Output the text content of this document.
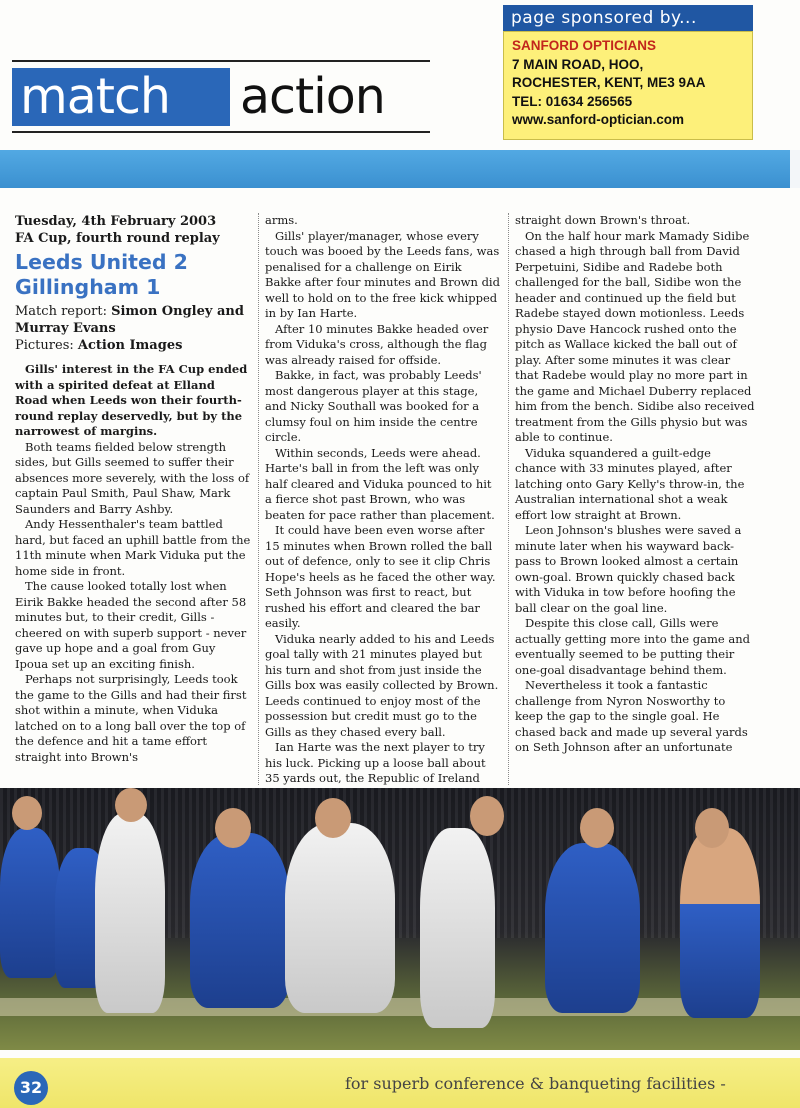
match	action
page sponsored by...
SANFORD OPTICIANS
7 MAIN ROAD, HOO,
ROCHESTER, KENT, ME3 9AA
TEL: 01634 256565
www.sanford-optician.com
Tuesday, 4th February 2003
FA Cup, fourth round replay
Leeds United 2
Gillingham 1
Match report: Simon Ongley and Murray Evans
Pictures: Action Images

Gills' interest in the FA Cup ended with a spirited defeat at Elland Road when Leeds won their fourth-round replay deservedly, but by the narrowest of margins.

Both teams fielded below strength sides, but Gills seemed to suffer their absences more severely, with the loss of captain Paul Smith, Paul Shaw, Mark Saunders and Barry Ashby.

Andy Hessenthaler's team battled hard, but faced an uphill battle from the 11th minute when Mark Viduka put the home side in front.

The cause looked totally lost when Eirik Bakke headed the second after 58 minutes but, to their credit, Gills - cheered on with superb support - never gave up hope and a goal from Guy Ipoua set up an exciting finish.

Perhaps not surprisingly, Leeds took the game to the Gills and had their first shot within a minute, when Viduka latched on to a long ball over the top of the defence and hit a tame effort straight into Brown's

arms.

Gills' player/manager, whose every touch was booed by the Leeds fans, was penalised for a challenge on Eirik Bakke after four minutes and Brown did well to hold on to the free kick whipped in by Ian Harte.

After 10 minutes Bakke headed over from Viduka's cross, although the flag was already raised for offside.

Bakke, in fact, was probably Leeds' most dangerous player at this stage, and Nicky Southall was booked for a clumsy foul on him inside the centre circle.

Within seconds, Leeds were ahead. Harte's ball in from the left was only half cleared and Viduka pounced to hit a fierce shot past Brown, who was beaten for pace rather than placement.

It could have been even worse after 15 minutes when Brown rolled the ball out of defence, only to see it clip Chris Hope's heels as he faced the other way. Seth Johnson was first to react, but rushed his effort and cleared the bar easily.

Viduka nearly added to his and Leeds goal tally with 21 minutes played but his turn and shot from just inside the Gills box was easily collected by Brown. Leeds continued to enjoy most of the possession but credit must go to the Gills as they chased every ball.

Ian Harte was the next player to try his luck. Picking up a loose ball about 35 yards out, the Republic of Ireland

straight down Brown's throat.

On the half hour mark Mamady Sidibe chased a high through ball from David Perpetuini, Sidibe and Radebe both challenged for the ball, Sidibe won the header and continued up the field but Radebe stayed down motionless. Leeds physio Dave Hancock rushed onto the pitch as Wallace kicked the ball out of play. After some minutes it was clear that Radebe would play no more part in the game and Michael Duberry replaced him from the bench. Sidibe also received treatment from the Gills physio but was able to continue.

Viduka squandered a guilt-edge chance with 33 minutes played, after latching onto Gary Kelly's throw-in, the Australian international shot a weak effort low straight at Brown.

Leon Johnson's blushes were saved a minute later when his wayward back-pass to Brown looked almost a certain own-goal. Brown quickly chased back with Viduka in tow before hoofing the ball clear on the goal line.

Despite this close call, Gills were actually getting more into the game and eventually seemed to be putting their one-goal disadvantage behind them.

Nevertheless it took a fantastic challenge from Nyron Nosworthy to keep the gap to the single goal. He chased back and made up several yards on Seth Johnson after an unfortunate

32	for superb conference & banqueting facilities -
